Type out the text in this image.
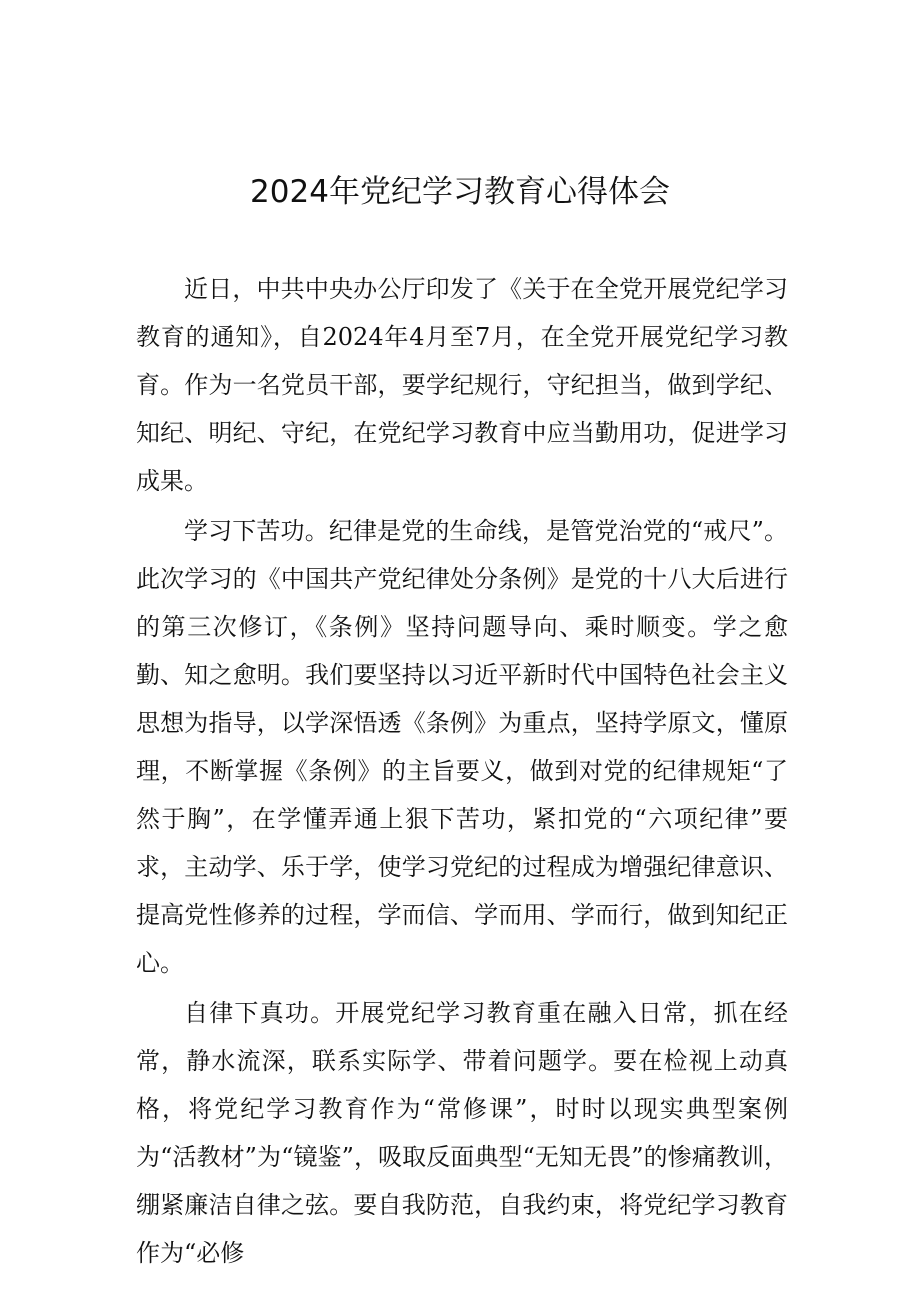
2024年党纪学习教育心得体会

近日，中共中央办公厅印发了《关于在全党开展党纪学习教育的通知》，自2024年4月至7月，在全党开展党纪学习教育。作为一名党员干部，要学纪规行，守纪担当，做到学纪、知纪、明纪、守纪，在党纪学习教育中应当勤用功，促进学习成果。

学习下苦功。纪律是党的生命线，是管党治党的“戒尺”。此次学习的《中国共产党纪律处分条例》是党的十八大后进行的第三次修订，《条例》坚持问题导向、乘时顺变。学之愈勤、知之愈明。我们要坚持以习近平新时代中国特色社会主义思想为指导，以学深悟透《条例》为重点，坚持学原文，懂原理，不断掌握《条例》的主旨要义，做到对党的纪律规矩“了然于胸”，在学懂弄通上狠下苦功，紧扣党的“六项纪律”要求，主动学、乐于学，使学习党纪的过程成为增强纪律意识、提高党性修养的过程，学而信、学而用、学而行，做到知纪正心。

自律下真功。开展党纪学习教育重在融入日常，抓在经常，静水流深，联系实际学、带着问题学。要在检视上动真格，将党纪学习教育作为“常修课”，时时以现实典型案例为“活教材”为“镜鉴”，吸取反面典型“无知无畏”的惨痛教训，绷紧廉洁自律之弦。要自我防范，自我约束，将党纪学习教育作为“必修
